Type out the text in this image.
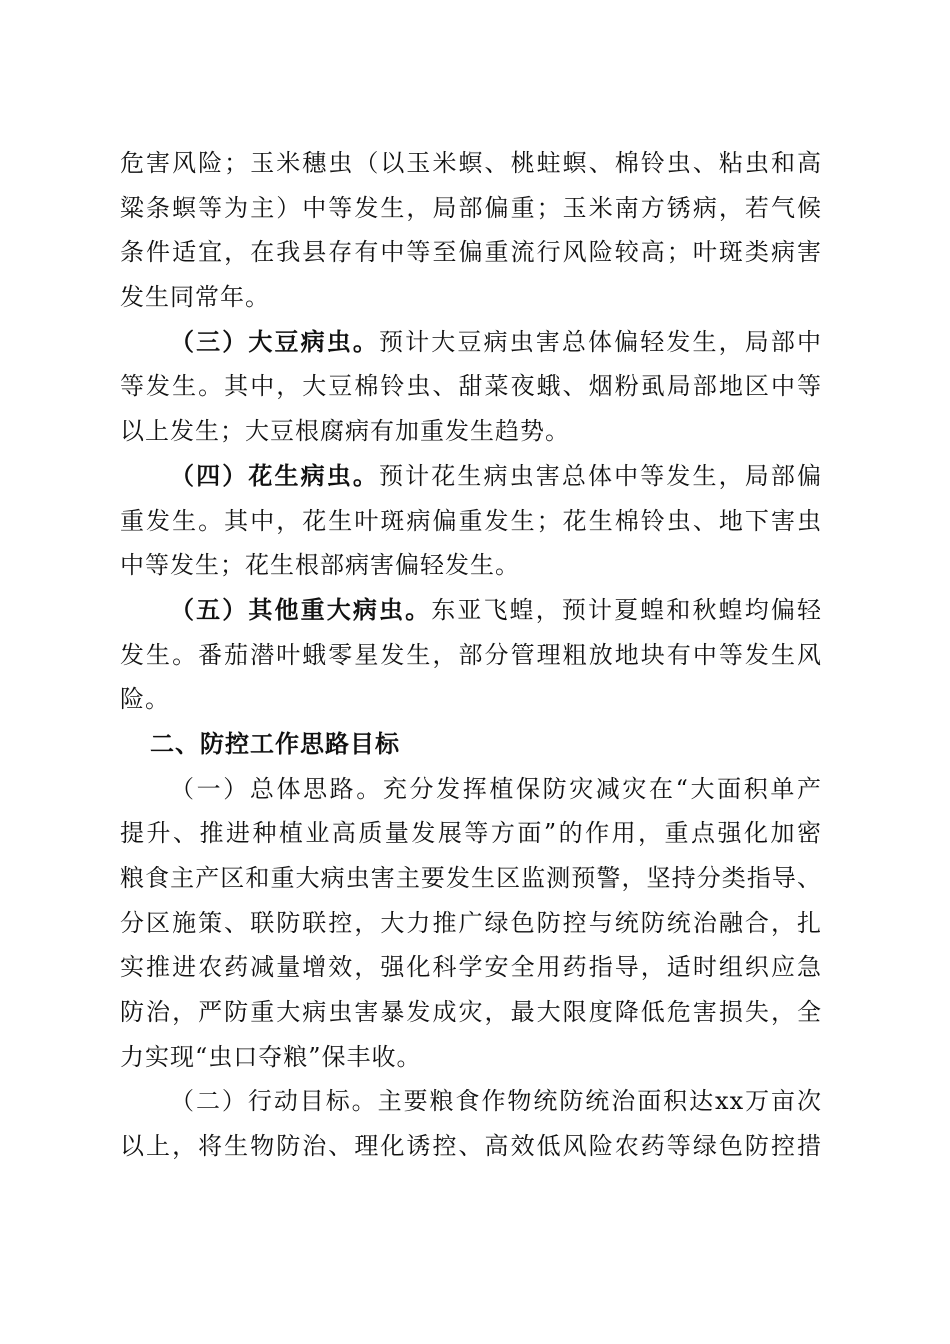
危害风险；玉米穗虫（以玉米螟、桃蛀螟、棉铃虫、粘虫和高
粱条螟等为主）中等发生，局部偏重；玉米南方锈病，若气候
条件适宜，在我县存有中等至偏重流行风险较高；叶斑类病害
发生同常年。
（三）大豆病虫。预计大豆病虫害总体偏轻发生，局部中
等发生。其中，大豆棉铃虫、甜菜夜蛾、烟粉虱局部地区中等
以上发生；大豆根腐病有加重发生趋势。
（四）花生病虫。预计花生病虫害总体中等发生，局部偏
重发生。其中，花生叶斑病偏重发生；花生棉铃虫、地下害虫
中等发生；花生根部病害偏轻发生。
（五）其他重大病虫。东亚飞蝗，预计夏蝗和秋蝗均偏轻
发生。番茄潜叶蛾零星发生，部分管理粗放地块有中等发生风
险。
二、防控工作思路目标
（一）总体思路。充分发挥植保防灾减灾在“大面积单产
提升、推进种植业高质量发展等方面”的作用，重点强化加密
粮食主产区和重大病虫害主要发生区监测预警，坚持分类指导、
分区施策、联防联控，大力推广绿色防控与统防统治融合，扎
实推进农药减量增效，强化科学安全用药指导，适时组织应急
防治，严防重大病虫害暴发成灾，最大限度降低危害损失，全
力实现“虫口夺粮”保丰收。
（二）行动目标。主要粮食作物统防统治面积达xx万亩次
以上，将生物防治、理化诱控、高效低风险农药等绿色防控措
